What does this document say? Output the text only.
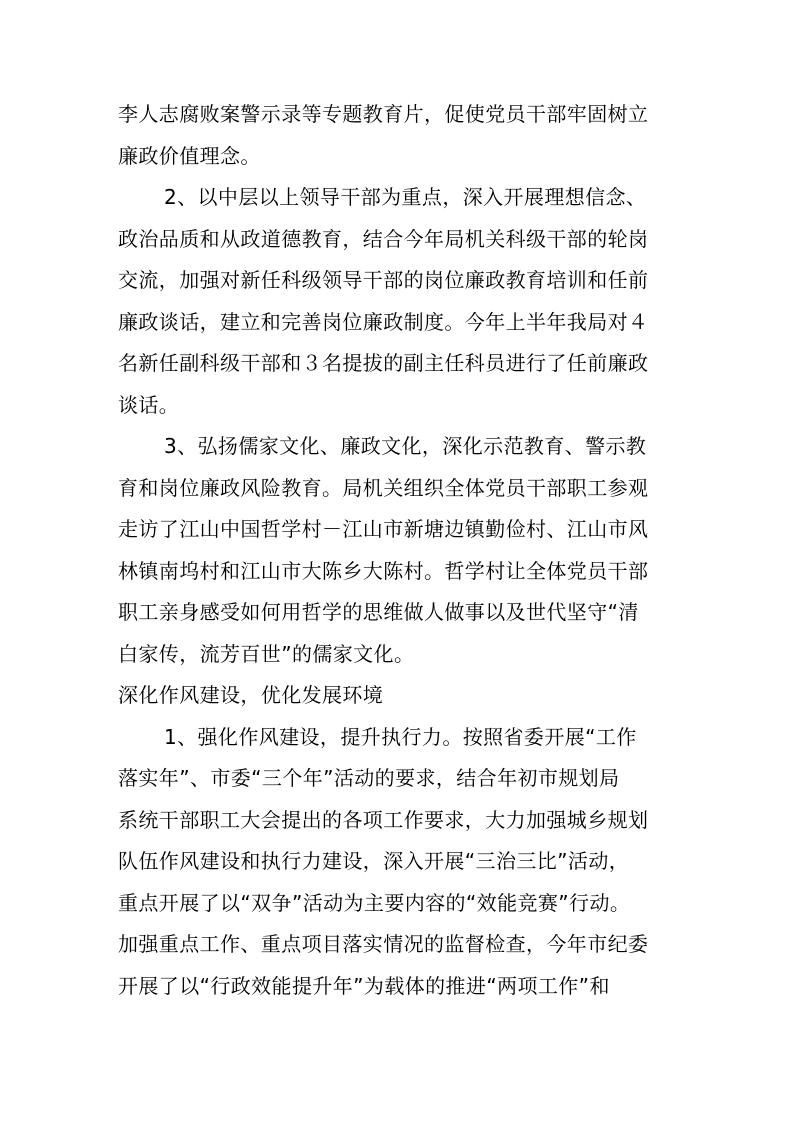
李人志腐败案警示录等专题教育片，促使党员干部牢固树立
廉政价值理念。
2、以中层以上领导干部为重点，深入开展理想信念、
政治品质和从政道德教育，结合今年局机关科级干部的轮岗
交流，加强对新任科级领导干部的岗位廉政教育培训和任前
廉政谈话，建立和完善岗位廉政制度。今年上半年我局对４
名新任副科级干部和３名提拔的副主任科员进行了任前廉政
谈话。
3、弘扬儒家文化、廉政文化，深化示范教育、警示教
育和岗位廉政风险教育。局机关组织全体党员干部职工参观
走访了江山中国哲学村－江山市新塘边镇勤俭村、江山市风
林镇南坞村和江山市大陈乡大陈村。哲学村让全体党员干部
职工亲身感受如何用哲学的思维做人做事以及世代坚守“清
白家传，流芳百世”的儒家文化。
深化作风建设，优化发展环境
1、强化作风建设，提升执行力。按照省委开展“工作
落实年”、市委“三个年”活动的要求，结合年初市规划局
系统干部职工大会提出的各项工作要求，大力加强城乡规划
队伍作风建设和执行力建设，深入开展“三治三比”活动，
重点开展了以“双争”活动为主要内容的“效能竞赛”行动。
加强重点工作、重点项目落实情况的监督检查，今年市纪委
开展了以“行政效能提升年”为载体的推进“两项工作”和
